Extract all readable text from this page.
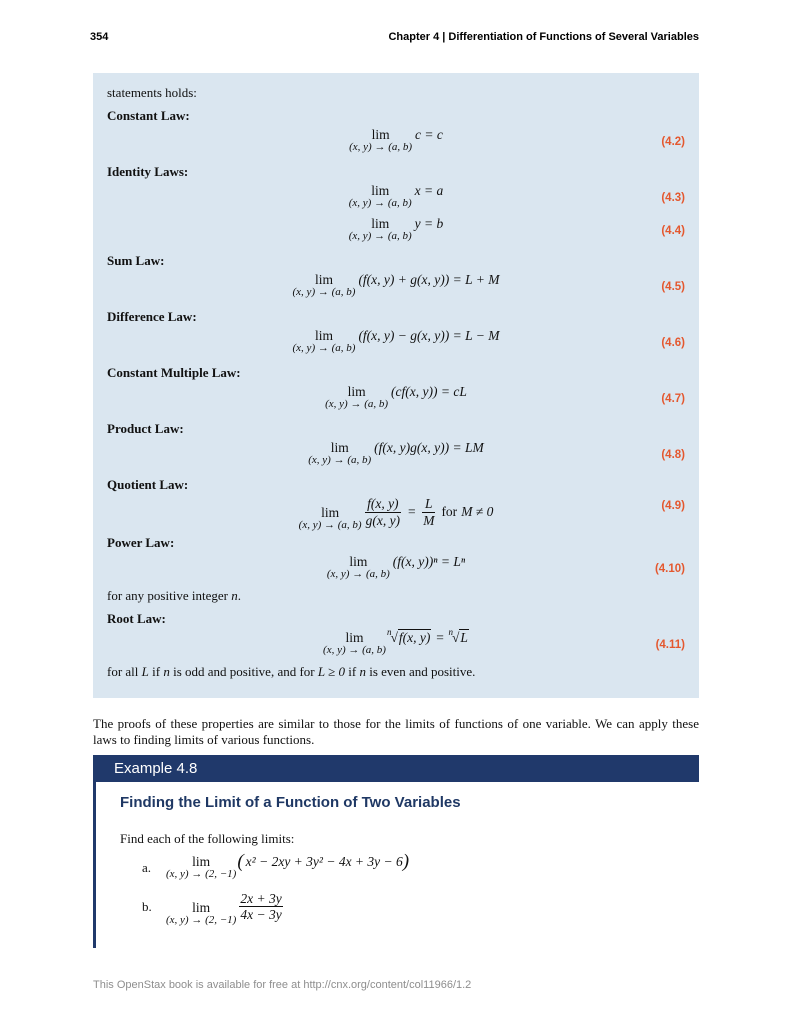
354	Chapter 4 | Differentiation of Functions of Several Variables
statements holds:
Constant Law:
lim
(x, y) → (a, b)
c = c
(4.2)
Identity Laws:
lim
(x, y) → (a, b)
x = a
(4.3)
lim
(x, y) → (a, b)
y = b
(4.4)
Sum Law:
lim
(x, y) → (a, b)
(f(x, y) + g(x, y)) = L + M
(4.5)
Difference Law:
lim
(x, y) → (a, b)
(f(x, y) − g(x, y)) = L − M
(4.6)
Constant Multiple Law:
lim
(x, y) → (a, b)
(cf(x, y)) = cL
(4.7)
Product Law:
lim
(x, y) → (a, b)
(f(x, y)g(x, y)) = LM
(4.8)
Quotient Law:
lim
(x, y) → (a, $b) \frac{f(x, y)}{g(x, y)} = \frac{L}{M}$ for M ≠ 0	(4.9)
Power Law:
lim
(x, y) → (a, b)
(f(x, y))ⁿ = Lⁿ
(4.10)
for any positive integer n.
Root Law:
lim
(x, y) → (a, b)
n √ f(x, y) = n √ L	(4.11)
for all L if n is odd and positive, and for L ≥ 0 if n is even and positive.

The proofs of these properties are similar to those for the limits of functions of one variable. We can apply these laws to finding limits of various functions.

Example 4.8
Finding the Limit of a Function of Two Variables
Find each of the following limits:
a.	lim
(x, y) → (2, −1)
( x² − 2xy + 3y² − 4x + 3y − 6 )
b.	lim
(x, y) → (2, $-1) \frac{2x + 3y}{4x - 3y}$
This OpenStax book is available for free at http://cnx.org/content/col11966/1.2
